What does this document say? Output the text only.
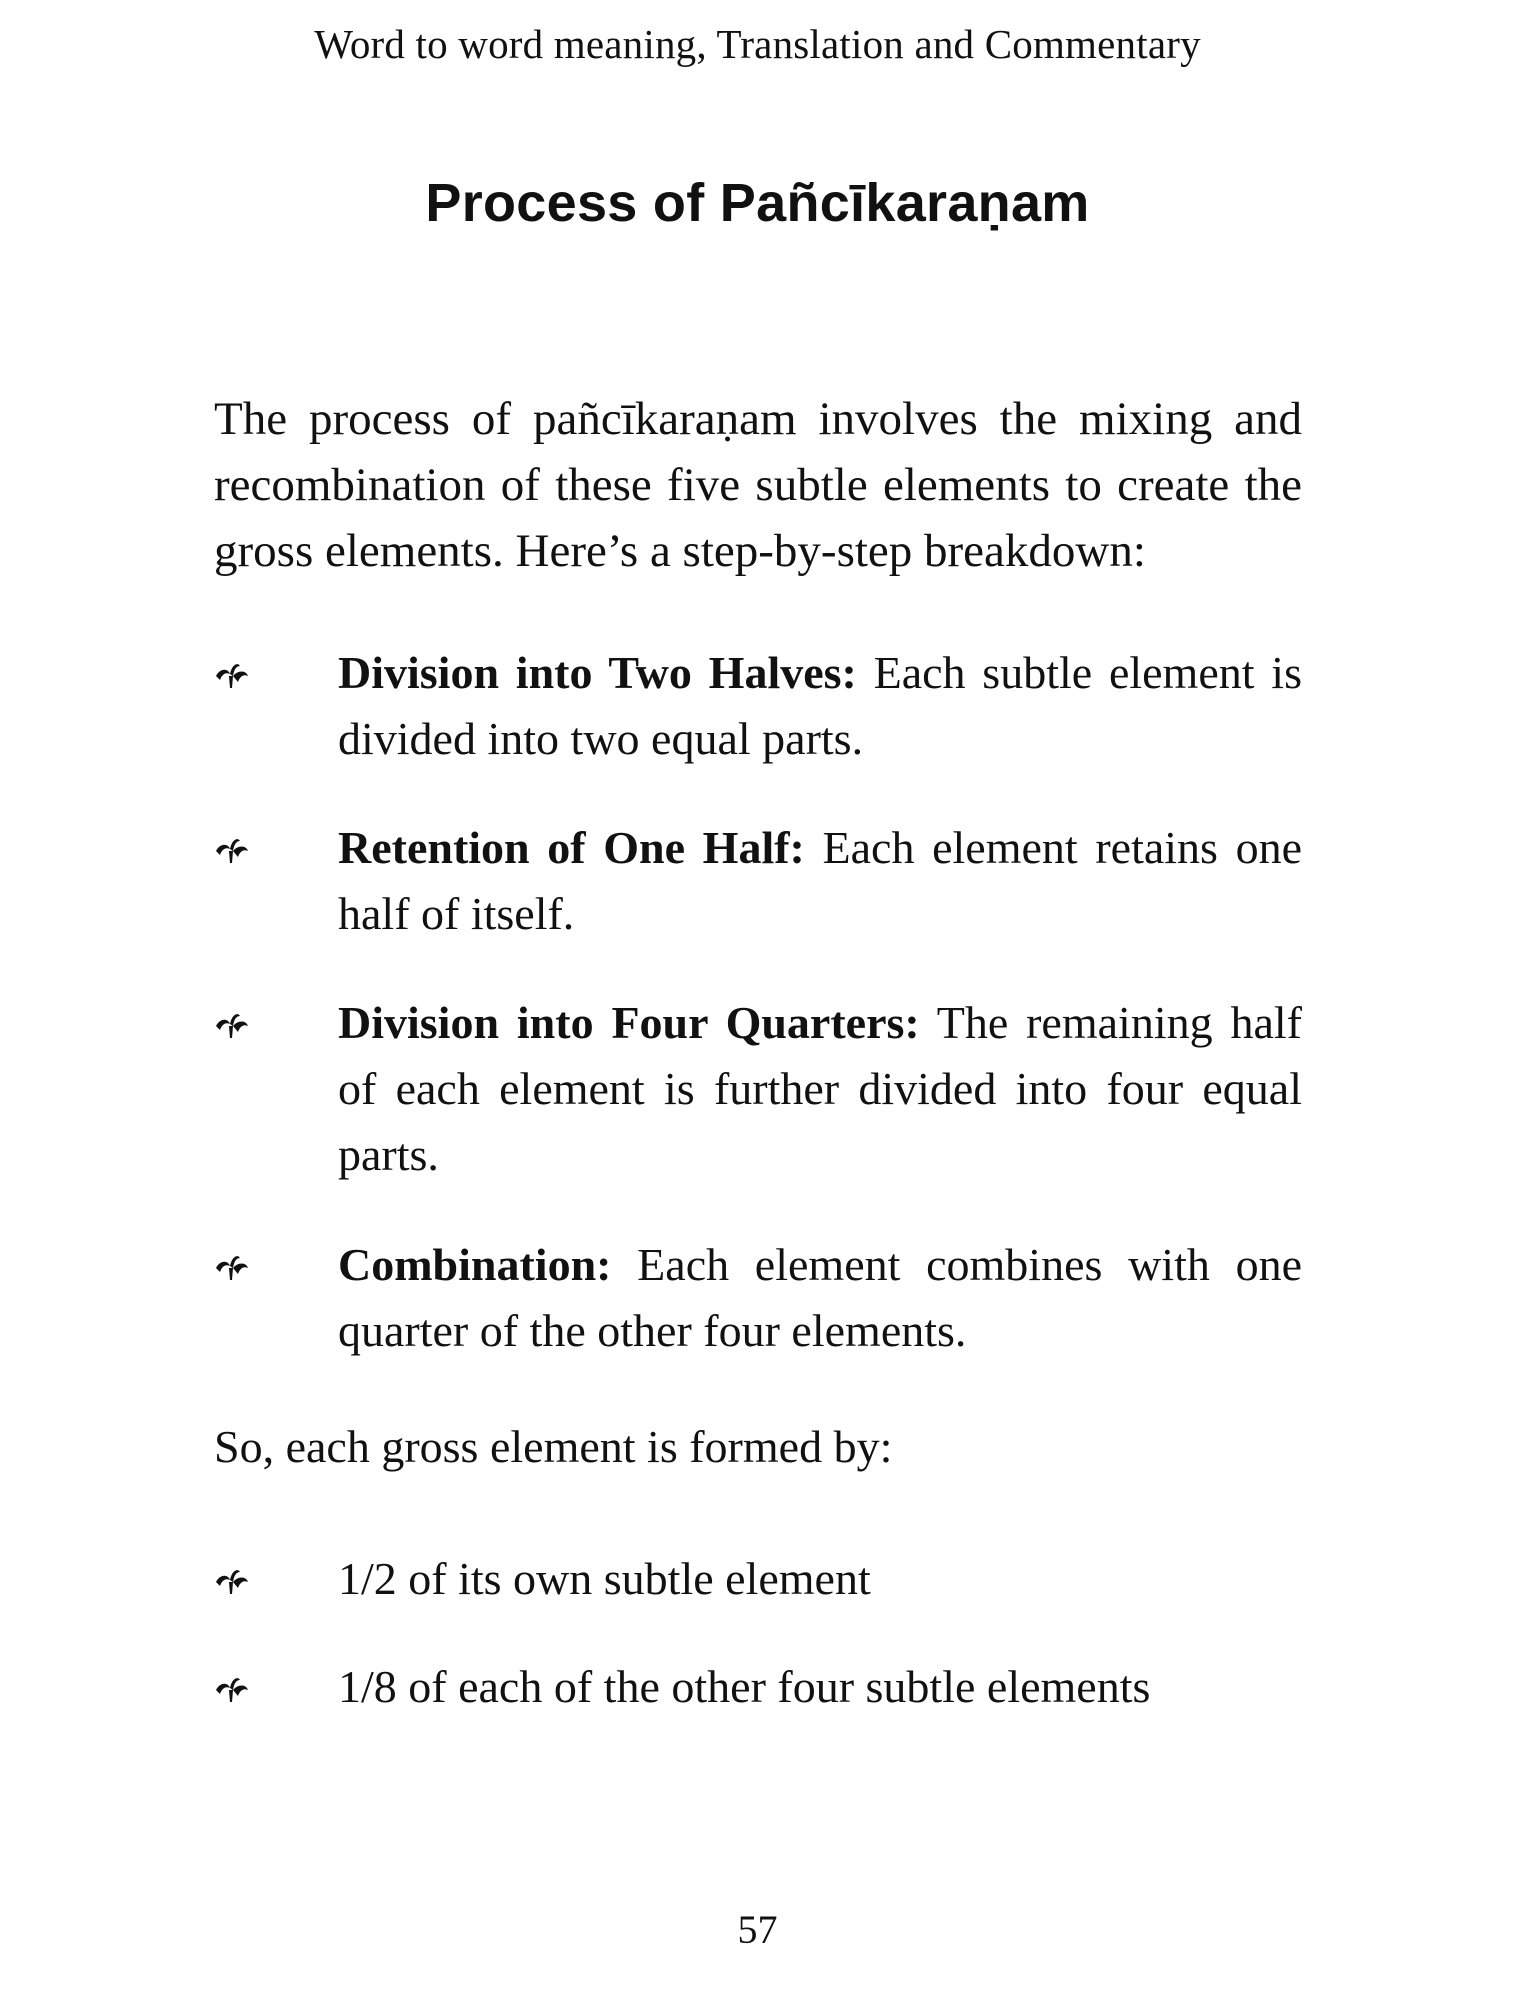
Word to word meaning, Translation and Commentary
Process of Pañcīkaraṇam

The process of pañcīkaraṇam involves the mixing and recombination of these five subtle elements to create the gross elements. Here’s a step-by-step breakdown:

Division into Two Halves: Each subtle element is divided into two equal parts.
Retention of One Half: Each element retains one half of itself.
Division into Four Quarters: The remaining half of each element is further divided into four equal parts.
Combination: Each element combines with one quarter of the other four elements.

So, each gross element is formed by:

1/2 of its own subtle element
1/8 of each of the other four subtle elements
57
